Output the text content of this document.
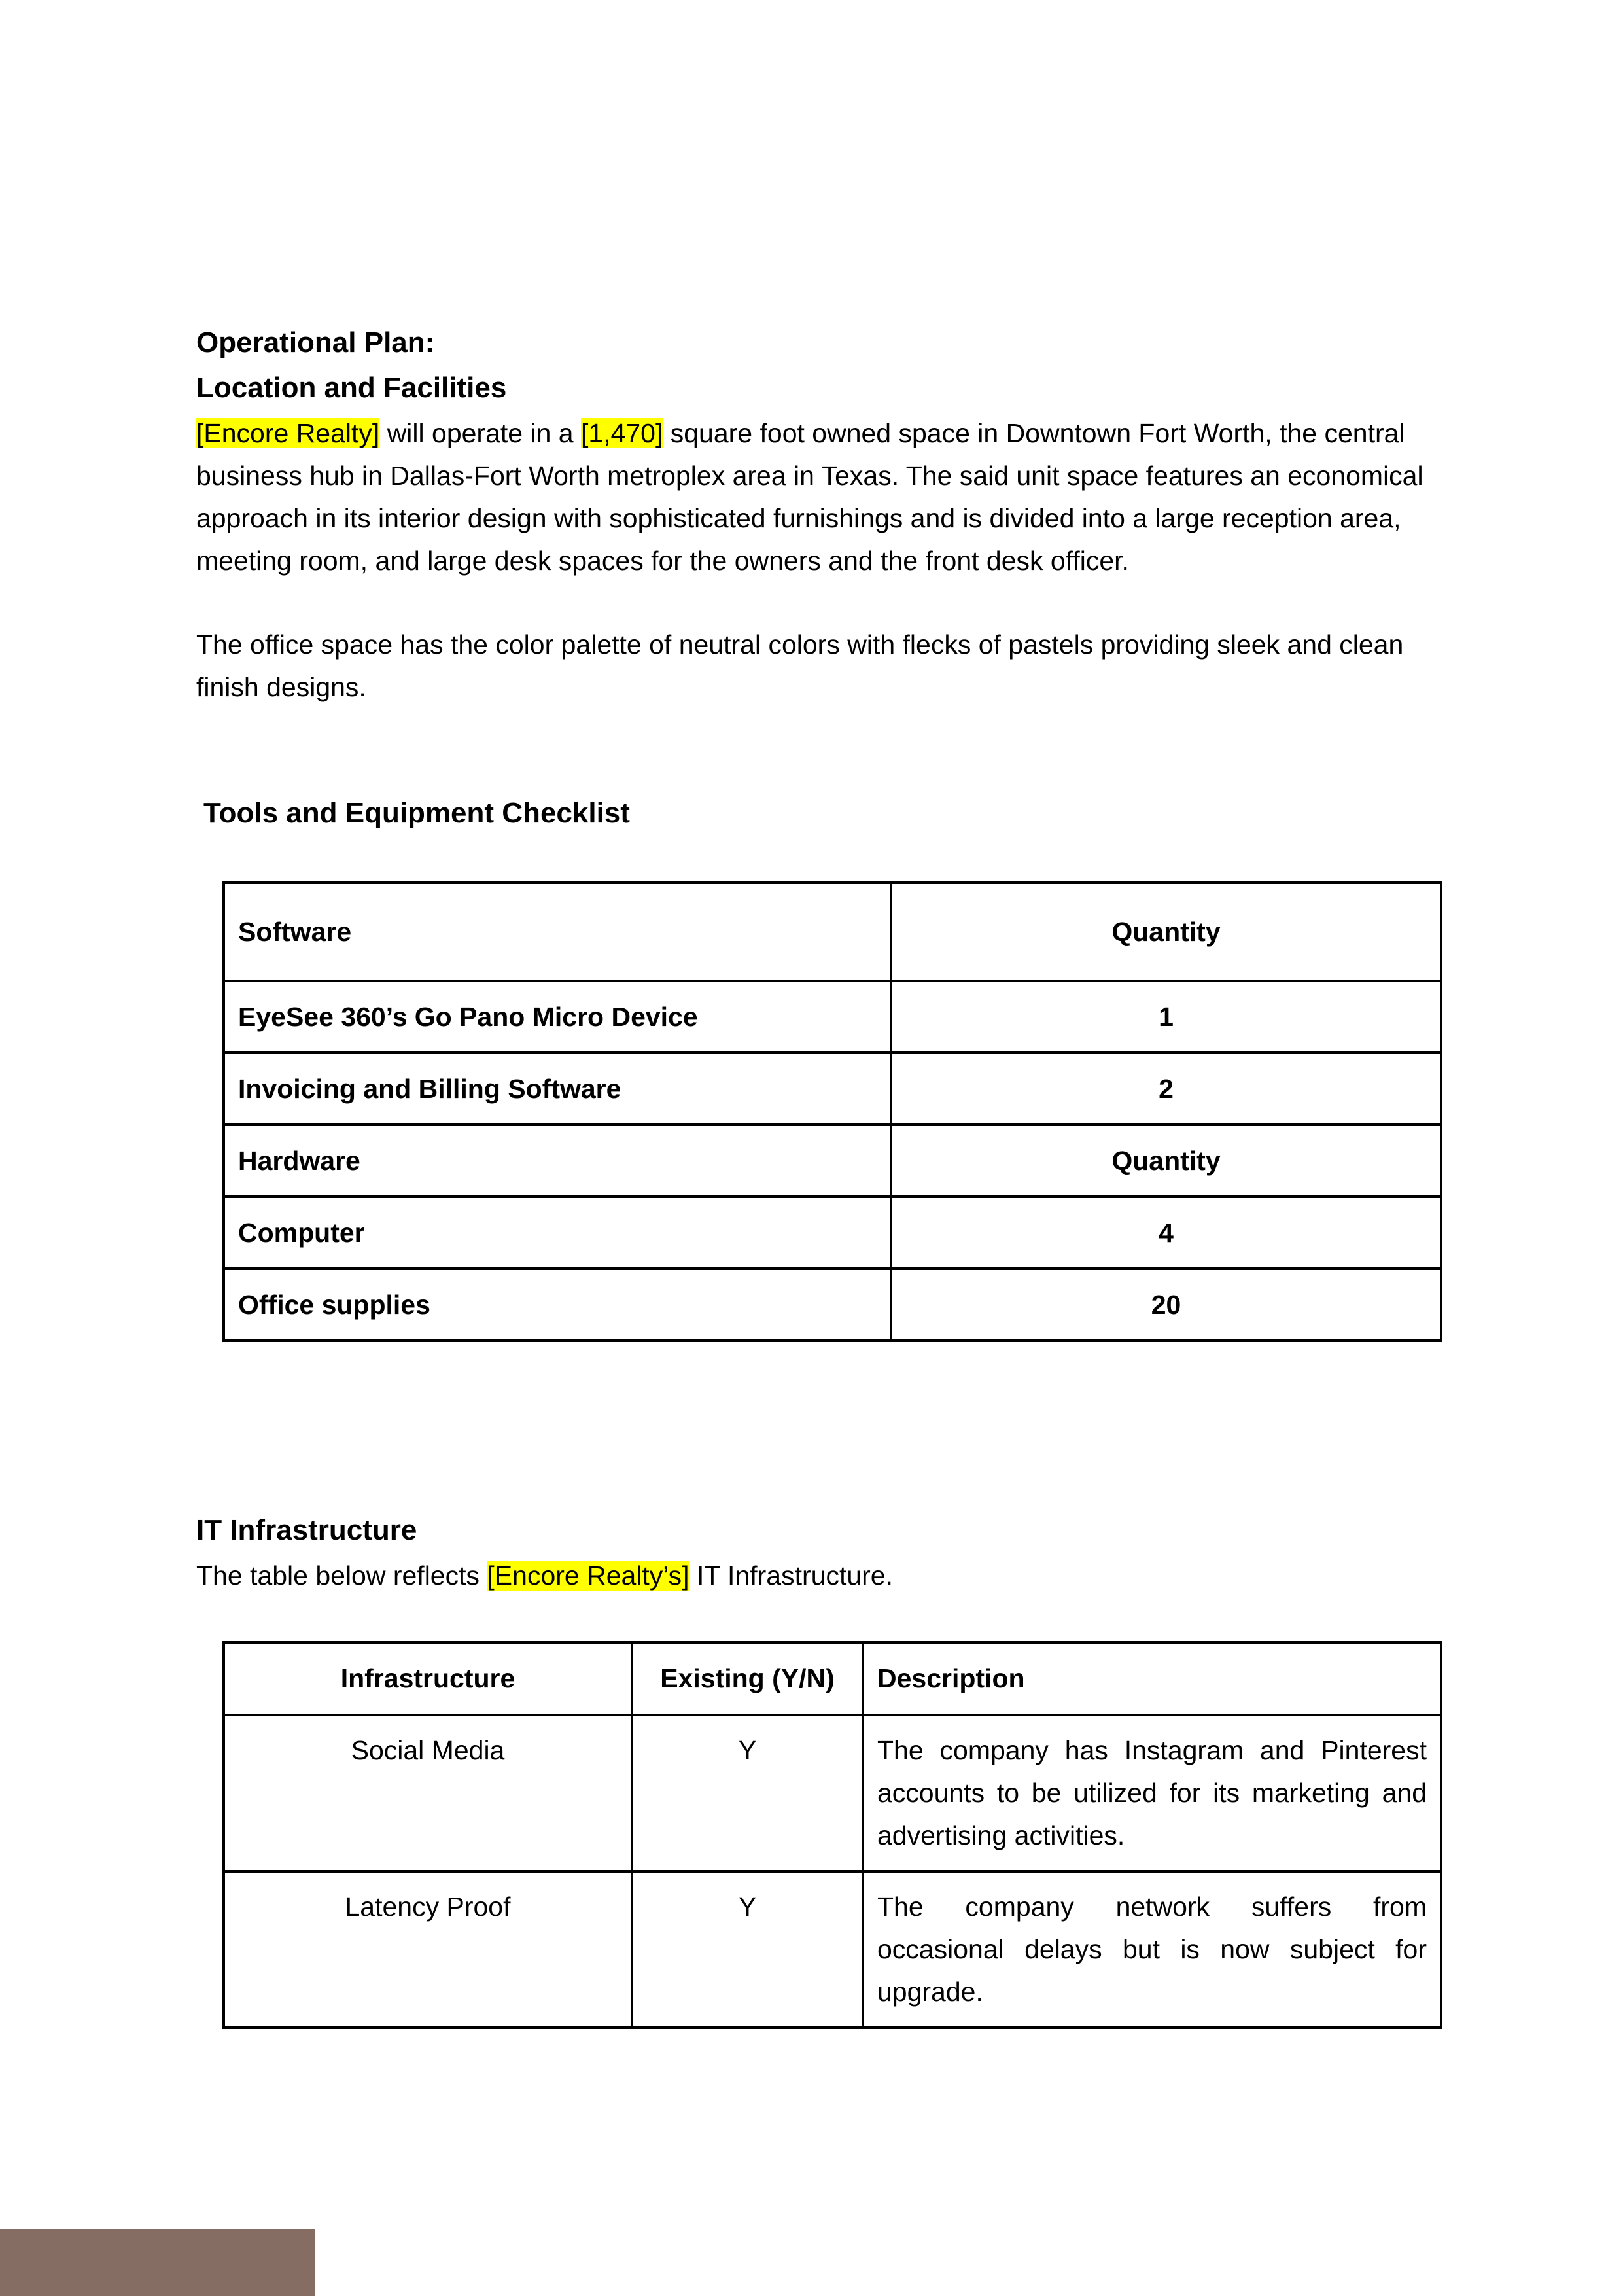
Operational Plan:
Location and Facilities

[Encore Realty] will operate in a [1,470] square foot owned space in Downtown Fort Worth, the central
business hub in Dallas-Fort Worth metroplex area in Texas. The said unit space features an economical
approach in its interior design with sophisticated furnishings and is divided into a large reception area,
meeting room, and large desk spaces for the owners and the front desk officer.

The office space has the color palette of neutral colors with flecks of pastels providing sleek and clean
finish designs.

Tools and Equipment Checklist
Software	Quantity
EyeSee 360’s Go Pano Micro Device	1
Invoicing and Billing Software	2
Hardware	Quantity
Computer	4
Office supplies	20
IT Infrastructure

The table below reflects [Encore Realty’s] IT Infrastructure.

Infrastructure	Existing (Y/N)	Description
Social Media	Y	The company has Instagram and Pinterest
accounts to be utilized for its marketing and
advertising activities.

Latency Proof	Y	The company network suffers from
occasional delays but is now subject for
upgrade.
